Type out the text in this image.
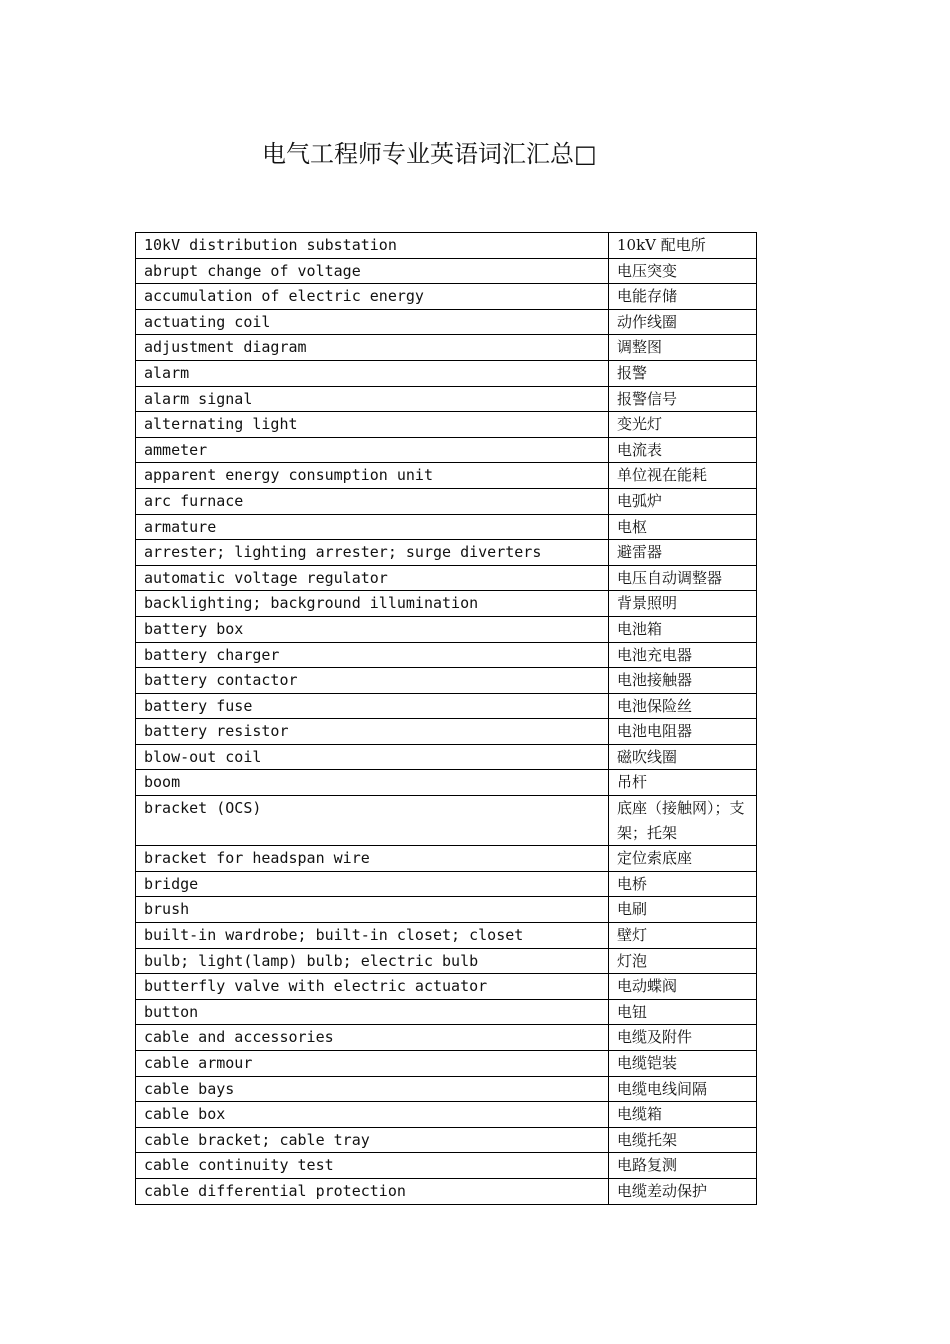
电气工程师专业英语词汇汇总□
10kV distribution substation	10kV 配电所
abrupt change of voltage	电压突变
accumulation of electric energy	电能存储
actuating coil	动作线圈
adjustment diagram	调整图
alarm	报警
alarm signal	报警信号
alternating light	变光灯
ammeter	电流表
apparent energy consumption unit	单位视在能耗
arc furnace	电弧炉
armature	电枢
arrester; lighting arrester; surge diverters	避雷器
automatic voltage regulator	电压自动调整器
backlighting; background illumination	背景照明
battery box	电池箱
battery charger	电池充电器
battery contactor	电池接触器
battery fuse	电池保险丝
battery resistor	电池电阻器
blow-out coil	磁吹线圈
boom	吊杆
bracket (OCS)	底座（接触网）；支架；托架
bracket for headspan wire	定位索底座
bridge	电桥
brush	电刷
built-in wardrobe; built-in closet; closet	壁灯
bulb; light(lamp) bulb; electric bulb	灯泡
butterfly valve with electric actuator	电动蝶阀
button	电钮
cable and accessories	电缆及附件
cable armour	电缆铠装
cable bays	电缆电线间隔
cable box	电缆箱
cable bracket; cable tray	电缆托架
cable continuity test	电路复测
cable differential protection	电缆差动保护
